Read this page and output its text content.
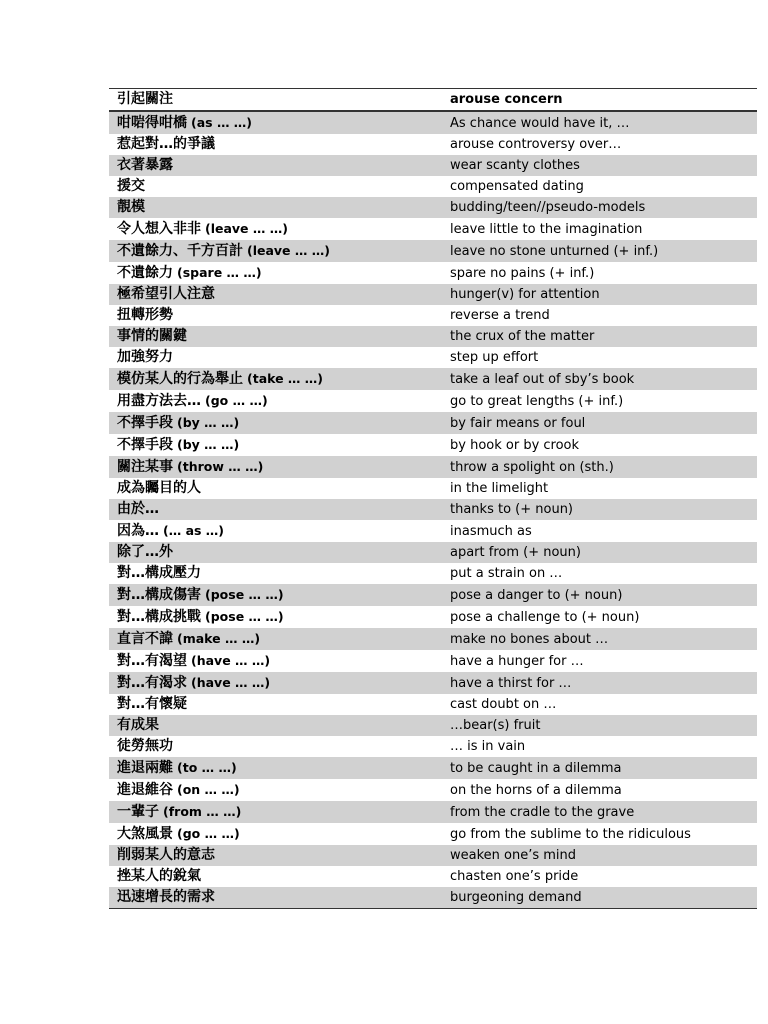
引起關注	arouse concern
咁啱得咁橋 (as … …)	As chance would have it, …
惹起對…的爭議	arouse controversy over…
衣著暴露	wear scanty clothes
援交	compensated dating
靚模	budding/teen//pseudo-models
令人想入非非 (leave … …)	leave little to the imagination
不遺餘力、千方百計 (leave … …)	leave no stone unturned (+ inf.)
不遺餘力 (spare … …)	spare no pains (+ inf.)
極希望引人注意	hunger(v) for attention
扭轉形勢	reverse a trend
事情的關鍵	the crux of the matter
加強努力	step up effort
模仿某人的行為舉止 (take … …)	take a leaf out of sby’s book
用盡方法去… (go … …)	go to great lengths (+ inf.)
不擇手段 (by … …)	by fair means or foul
不擇手段 (by … …)	by hook or by crook
關注某事 (throw … …)	throw a spolight on (sth.)
成為矚目的人	in the limelight
由於…	thanks to (+ noun)
因為… (… as …)	inasmuch as
除了…外	apart from (+ noun)
對…構成壓力	put a strain on …
對…構成傷害 (pose … …)	pose a danger to (+ noun)
對…構成挑戰 (pose … …)	pose a challenge to (+ noun)
直言不諱 (make … …)	make no bones about …
對…有渴望 (have … …)	have a hunger for …
對…有渴求 (have … …)	have a thirst for …
對…有懷疑	cast doubt on …
有成果	…bear(s) fruit
徒勞無功	… is in vain
進退兩難 (to … …)	to be caught in a dilemma
進退維谷 (on … …)	on the horns of a dilemma
一輩子 (from … …)	from the cradle to the grave
大煞風景 (go … …)	go from the sublime to the ridiculous
削弱某人的意志	weaken one’s mind
挫某人的銳氣	chasten one’s pride
迅速增長的需求	burgeoning demand
